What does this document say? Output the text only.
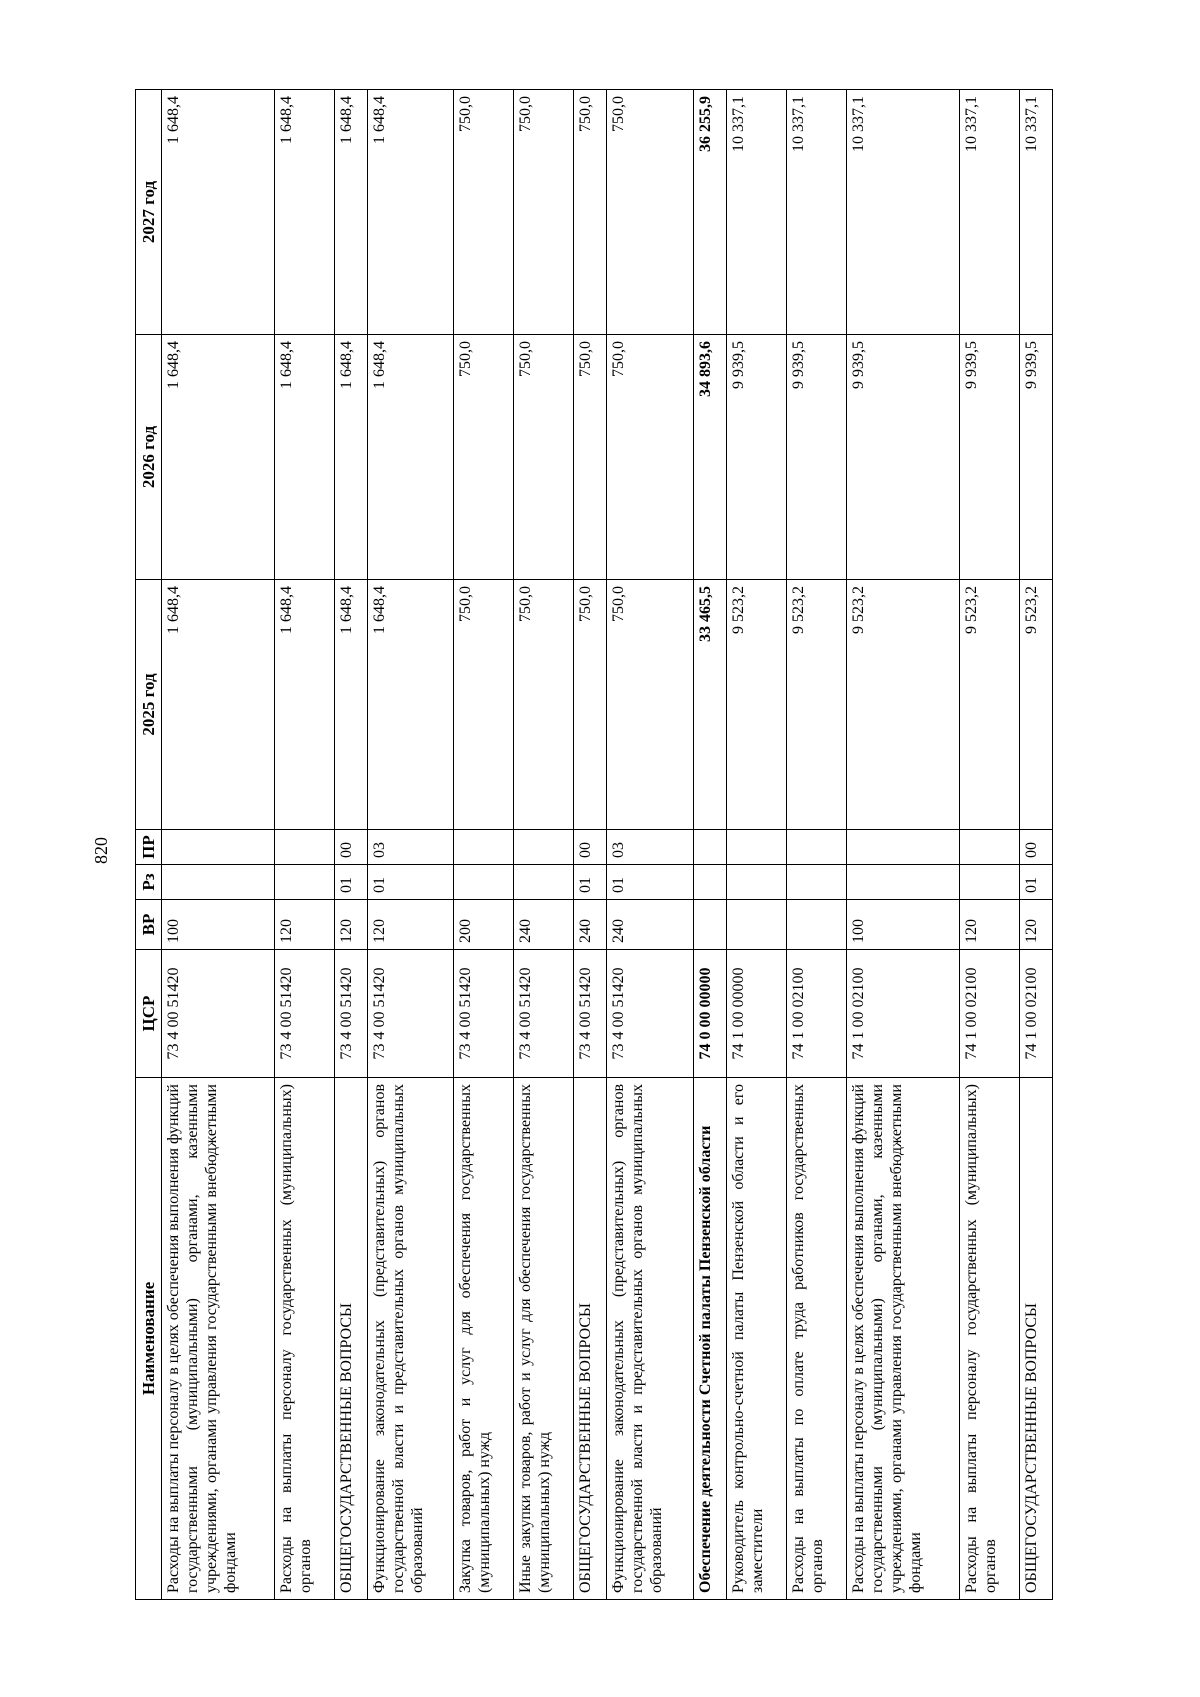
820
Наименование	ЦСР	ВР	Рз	ПР	2025 год	2026 год	2027 год
Расходы на выплаты персоналу в целях обеспечения выполнения функций государственными (муниципальными) органами, казенными учреждениями, органами управления государственными внебюджетными фондами	73 4 00 51420	100			1 648,4	1 648,4	1 648,4
Расходы на выплаты персоналу государственных (муниципальных) органов	73 4 00 51420	120			1 648,4	1 648,4	1 648,4
ОБЩЕГОСУДАРСТВЕННЫЕ ВОПРОСЫ	73 4 00 51420	120	01	00	1 648,4	1 648,4	1 648,4
Функционирование законодательных (представительных) органов государственной власти и представительных органов муниципальных образований	73 4 00 51420	120	01	03	1 648,4	1 648,4	1 648,4
Закупка товаров, работ и услуг для обеспечения государственных (муниципальных) нужд	73 4 00 51420	200			750,0	750,0	750,0
Иные закупки товаров, работ и услуг для обеспечения государственных (муниципальных) нужд	73 4 00 51420	240			750,0	750,0	750,0
ОБЩЕГОСУДАРСТВЕННЫЕ ВОПРОСЫ	73 4 00 51420	240	01	00	750,0	750,0	750,0
Функционирование законодательных (представительных) органов государственной власти и представительных органов муниципальных образований	73 4 00 51420	240	01	03	750,0	750,0	750,0
Обеспечение деятельности Счетной палаты Пензенской области	74 0 00 00000				33 465,5	34 893,6	36 255,9
Руководитель контрольно-счетной палаты Пензенской области и его заместители	74 1 00 00000				9 523,2	9 939,5	10 337,1
Расходы на выплаты по оплате труда работников государственных органов	74 1 00 02100				9 523,2	9 939,5	10 337,1
Расходы на выплаты персоналу в целях обеспечения выполнения функций государственными (муниципальными) органами, казенными учреждениями, органами управления государственными внебюджетными фондами	74 1 00 02100	100			9 523,2	9 939,5	10 337,1
Расходы на выплаты персоналу государственных (муниципальных) органов	74 1 00 02100	120			9 523,2	9 939,5	10 337,1
ОБЩЕГОСУДАРСТВЕННЫЕ ВОПРОСЫ	74 1 00 02100	120	01	00	9 523,2	9 939,5	10 337,1
